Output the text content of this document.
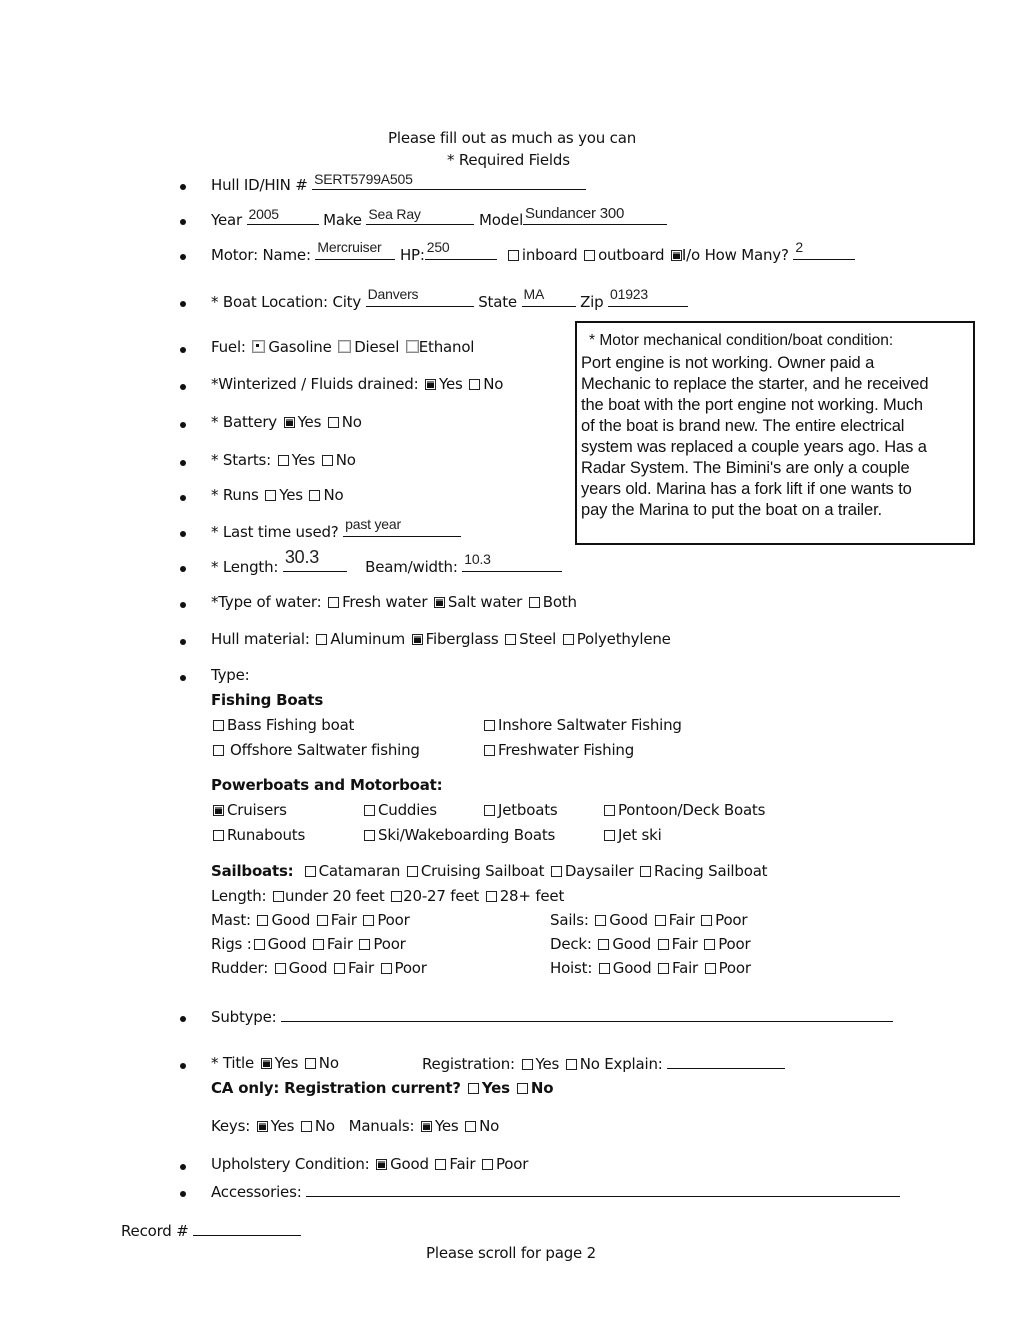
Please fill out as much as you can
* Required Fields
Hull ID/HIN # SERT5799A505
Year 2005	Make Sea Ray	Model Sundancer 300
Motor: Name: Mercruiser HP: 250	inboard outboard I/o How Many? 2
* Boat Location: City Danvers	State MA Zip 01923
Fuel: Gasoline Diesel Ethanol
*Winterized / Fluids drained: Yes No
* Battery Yes No
* Starts: Yes No
* Runs Yes No
* Last time used? past year
* Length: 30.3	Beam/width: 10.3
* Motor mechanical condition/boat condition:
Port engine is not working. Owner paid a
Mechanic to replace the starter, and he received
the boat with the port engine not working. Much
of the boat is brand new. The entire electrical
system was replaced a couple years ago. Has a
Radar System. The Bimini's are only a couple
years old. Marina has a fork lift if one wants to
pay the Marina to put the boat on a trailer.
*Type of water: Fresh water Salt water Both
Hull material: Aluminum Fiberglass Steel Polyethylene
Type:
Fishing Boats
Bass Fishing boat	Inshore Saltwater Fishing
Offshore Saltwater fishing	Freshwater Fishing
Powerboats and Motorboat:
Cruisers	Cuddies	Jetboats	Pontoon/Deck Boats
Runabouts	Ski/Wakeboarding Boats	Jet ski
Sailboats: Catamaran Cruising Sailboat Daysailer Racing Sailboat
Length: under 20 feet 20-27 feet 28+ feet
Mast: Good Fair Poor	Sails: Good Fair Poor
Rigs : Good Fair Poor	Deck: Good Fair Poor
Rudder: Good Fair Poor	Hoist: Good Fair Poor
Subtype:
* Title Yes No	Registration: Yes No Explain:
CA only: Registration current? Yes No
Keys: Yes No Manuals: Yes No
Upholstery Condition: Good Fair Poor
Accessories:
Record #
Please scroll for page 2
